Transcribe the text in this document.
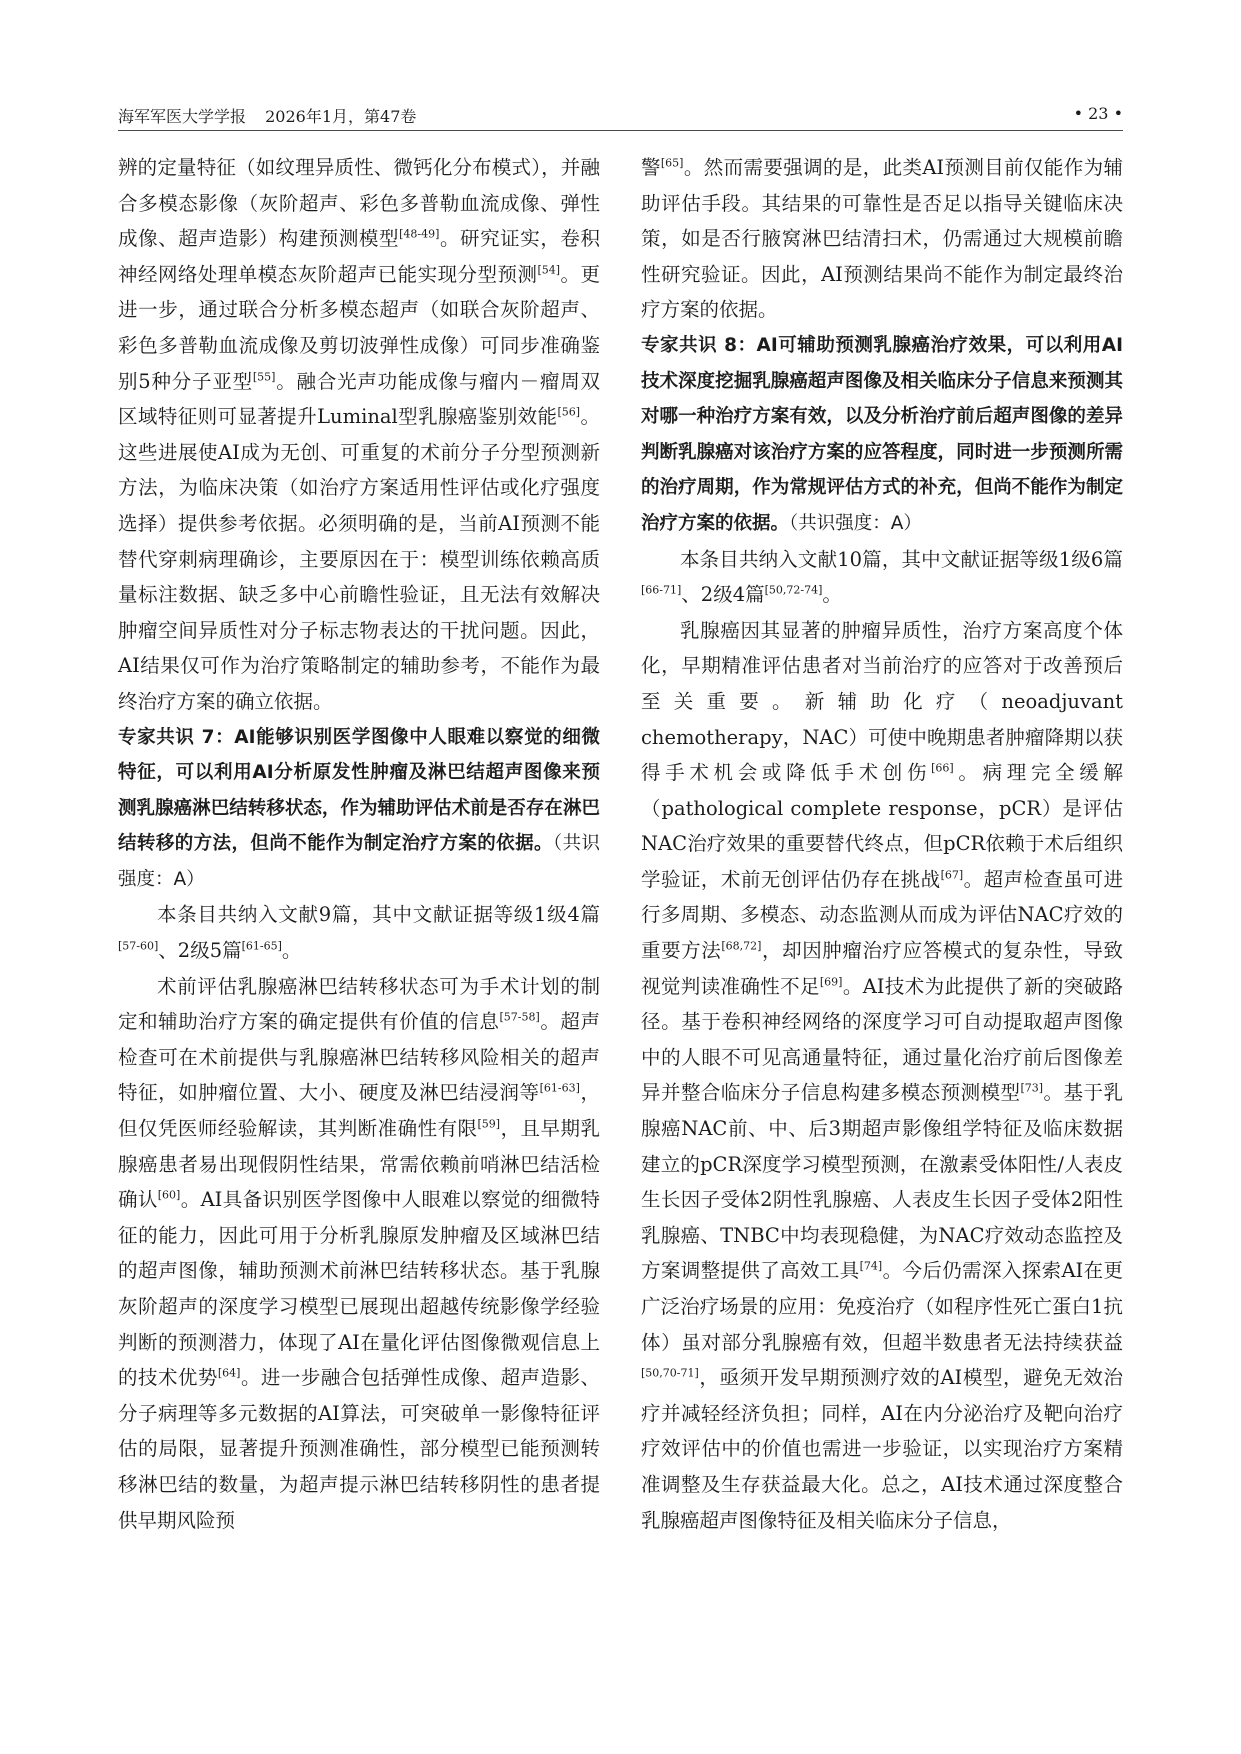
海军军医大学学报 2026年1月，第47卷	• 23 •

辨的定量特征（如纹理异质性、微钙化分布模式），并融合多模态影像（灰阶超声、彩色多普勒血流成像、弹性成像、超声造影）构建预测模型[48-49]。研究证实，卷积神经网络处理单模态灰阶超声已能实现分型预测[54]。更进一步，通过联合分析多模态超声（如联合灰阶超声、彩色多普勒血流成像及剪切波弹性成像）可同步准确鉴别5种分子亚型[55]。融合光声功能成像与瘤内－瘤周双区域特征则可显著提升Luminal型乳腺癌鉴别效能[56]。这些进展使AI成为无创、可重复的术前分子分型预测新方法，为临床决策（如治疗方案适用性评估或化疗强度选择）提供参考依据。必须明确的是，当前AI预测不能替代穿刺病理确诊，主要原因在于：模型训练依赖高质量标注数据、缺乏多中心前瞻性验证，且无法有效解决肿瘤空间异质性对分子标志物表达的干扰问题。因此，AI结果仅可作为治疗策略制定的辅助参考，不能作为最终治疗方案的确立依据。

专家共识 7：AI能够识别医学图像中人眼难以察觉的细微特征，可以利用AI分析原发性肿瘤及淋巴结超声图像来预测乳腺癌淋巴结转移状态，作为辅助评估术前是否存在淋巴结转移的方法，但尚不能作为制定治疗方案的依据。（共识强度：A）

本条目共纳入文献9篇，其中文献证据等级1级4篇[57-60]、2级5篇[61-65]。

术前评估乳腺癌淋巴结转移状态可为手术计划的制定和辅助治疗方案的确定提供有价值的信息[57-58]。超声检查可在术前提供与乳腺癌淋巴结转移风险相关的超声特征，如肿瘤位置、大小、硬度及淋巴结浸润等[61-63]，但仅凭医师经验解读，其判断准确性有限[59]，且早期乳腺癌患者易出现假阴性结果，常需依赖前哨淋巴结活检确认[60]。AI具备识别医学图像中人眼难以察觉的细微特征的能力，因此可用于分析乳腺原发肿瘤及区域淋巴结的超声图像，辅助预测术前淋巴结转移状态。基于乳腺灰阶超声的深度学习模型已展现出超越传统影像学经验判断的预测潜力，体现了AI在量化评估图像微观信息上的技术优势[64]。进一步融合包括弹性成像、超声造影、分子病理等多元数据的AI算法，可突破单一影像特征评估的局限，显著提升预测准确性，部分模型已能预测转移淋巴结的数量，为超声提示淋巴结转移阴性的患者提供早期风险预

警[65]。然而需要强调的是，此类AI预测目前仅能作为辅助评估手段。其结果的可靠性是否足以指导关键临床决策，如是否行腋窝淋巴结清扫术，仍需通过大规模前瞻性研究验证。因此，AI预测结果尚不能作为制定最终治疗方案的依据。

专家共识 8：AI可辅助预测乳腺癌治疗效果，可以利用AI技术深度挖掘乳腺癌超声图像及相关临床分子信息来预测其对哪一种治疗方案有效，以及分析治疗前后超声图像的差异判断乳腺癌对该治疗方案的应答程度，同时进一步预测所需的治疗周期，作为常规评估方式的补充，但尚不能作为制定治疗方案的依据。（共识强度：A）

本条目共纳入文献10篇，其中文献证据等级1级6篇[66-71]、2级4篇[50,72-74]。

乳腺癌因其显著的肿瘤异质性，治疗方案高度个体化，早期精准评估患者对当前治疗的应答对于改善预后至关重要。新辅助化疗（neoadjuvant chemotherapy，NAC）可使中晚期患者肿瘤降期以获得手术机会或降低手术创伤[66]。病理完全缓解（pathological complete response，pCR）是评估NAC治疗效果的重要替代终点，但pCR依赖于术后组织学验证，术前无创评估仍存在挑战[67]。超声检查虽可进行多周期、多模态、动态监测从而成为评估NAC疗效的重要方法[68,72]，却因肿瘤治疗应答模式的复杂性，导致视觉判读准确性不足[69]。AI技术为此提供了新的突破路径。基于卷积神经网络的深度学习可自动提取超声图像中的人眼不可见高通量特征，通过量化治疗前后图像差异并整合临床分子信息构建多模态预测模型[73]。基于乳腺癌NAC前、中、后3期超声影像组学特征及临床数据建立的pCR深度学习模型预测，在激素受体阳性/人表皮生长因子受体2阴性乳腺癌、人表皮生长因子受体2阳性乳腺癌、TNBC中均表现稳健，为NAC疗效动态监控及方案调整提供了高效工具[74]。今后仍需深入探索AI在更广泛治疗场景的应用：免疫治疗（如程序性死亡蛋白1抗体）虽对部分乳腺癌有效，但超半数患者无法持续获益[50,70-71]，亟须开发早期预测疗效的AI模型，避免无效治疗并减轻经济负担；同样，AI在内分泌治疗及靶向治疗疗效评估中的价值也需进一步验证，以实现治疗方案精准调整及生存获益最大化。总之，AI技术通过深度整合乳腺癌超声图像特征及相关临床分子信息，
